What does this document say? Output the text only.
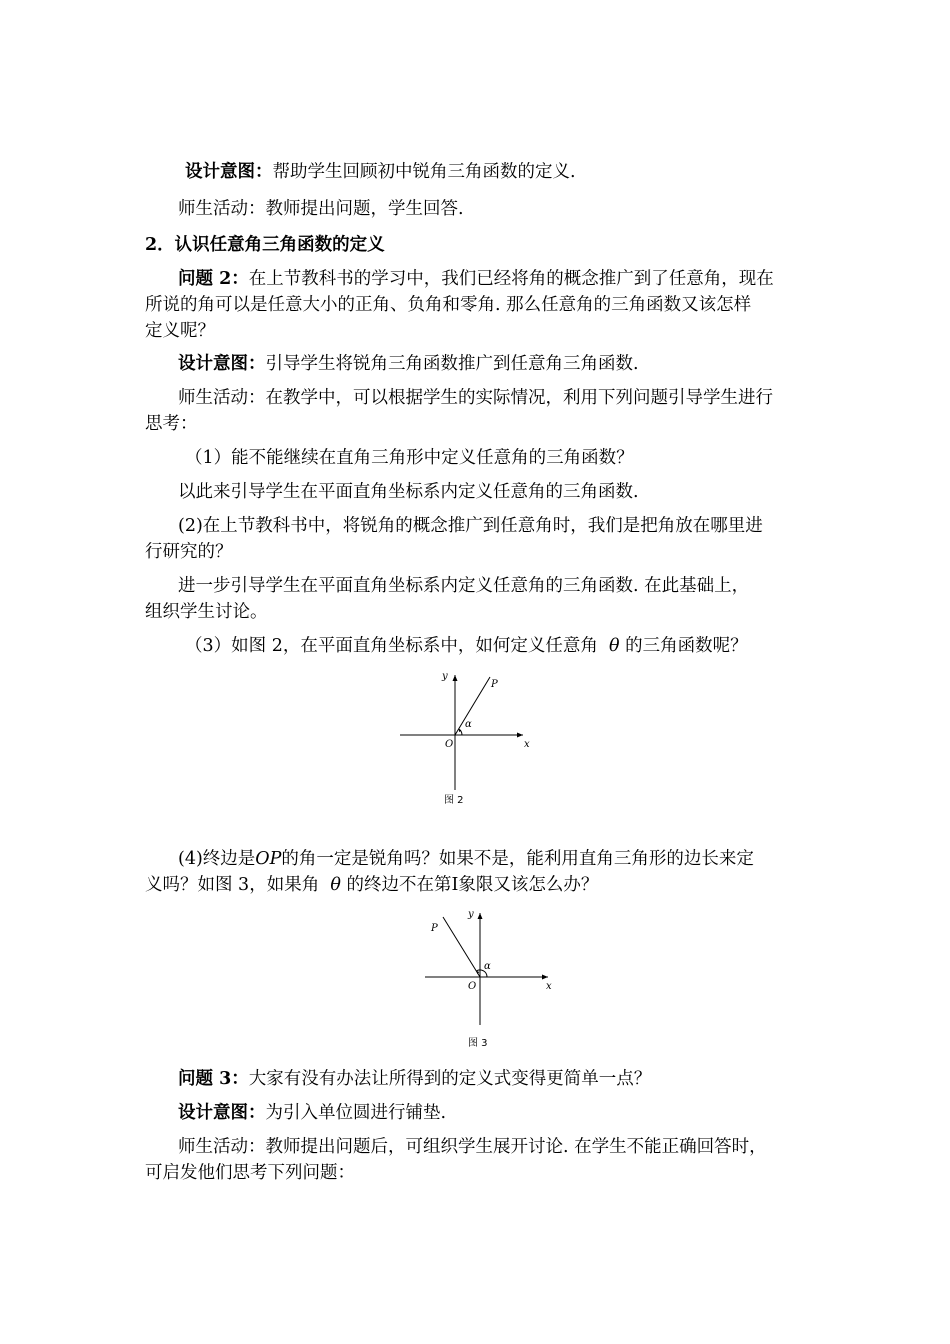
设计意图：帮助学生回顾初中锐角三角函数的定义.
师生活动：教师提出问题，学生回答.
2．认识任意角三角函数的定义
问题 2：在上节教科书的学习中，我们已经将角的概念推广到了任意角，现在
所说的角可以是任意大小的正角、负角和零角. 那么任意角的三角函数又该怎样
定义呢？
设计意图：引导学生将锐角三角函数推广到任意角三角函数.
师生活动：在教学中，可以根据学生的实际情况，利用下列问题引导学生进行
思考：
（1）能不能继续在直角三角形中定义任意角的三角函数？
以此来引导学生在平面直角坐标系内定义任意角的三角函数.
(2)在上节教科书中，将锐角的概念推广到任意角时，我们是把角放在哪里进
行研究的？
进一步引导学生在平面直角坐标系内定义任意角的三角函数. 在此基础上，
组织学生讨论。
（3）如图 2，在平面直角坐标系中，如何定义任意角 θ 的三角函数呢？
y
P
α
O	x
图 2
(4)终边是OP的角一定是锐角吗？如果不是，能利用直角三角形的边长来定
义吗？如图 3，如果角 θ 的终边不在第Ⅰ象限又该怎么办？
y
P
α
O	x
图 3
问题 3：大家有没有办法让所得到的定义式变得更简单一点？
设计意图：为引入单位圆进行铺垫.
师生活动：教师提出问题后，可组织学生展开讨论. 在学生不能正确回答时，
可启发他们思考下列问题：
